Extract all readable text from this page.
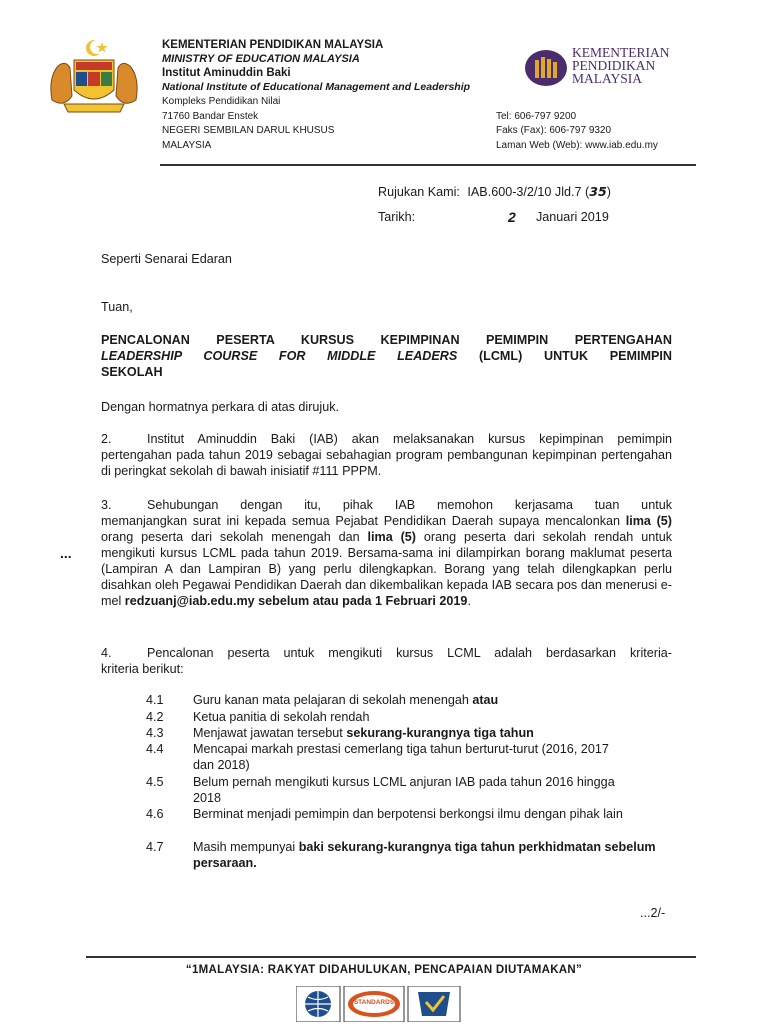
KEMENTERIAN PENDIDIKAN MALAYSIA
MINISTRY OF EDUCATION MALAYSIA
Institut Aminuddin Baki
National Institute of Educational Management and Leadership
Kompleks Pendidikan Nilai
71760 Bandar Enstek
NEGERI SEMBILAN DARUL KHUSUS
MALAYSIA
Tel: 606-797 9200
Faks (Fax): 606-797 9320
Laman Web (Web): www.iab.edu.my
KEMENTERIAN
PENDIDIKAN
MALAYSIA
Rujukan Kami: IAB.600-3/2/10 Jld.7 (35)
Tarikh:	2 Januari 2019
Seperti Senarai Edaran
Tuan,
PENCALONAN PESERTA KURSUS KEPIMPINAN PEMIMPIN PERTENGAHAN
LEADERSHIP COURSE FOR MIDDLE LEADERS (LCML) UNTUK PEMIMPIN
SEKOLAH
Dengan hormatnya perkara di atas dirujuk.
2.	Institut Aminuddin Baki (IAB) akan melaksanakan kursus kepimpinan pemimpin
pertengahan pada tahun 2019 sebagai sebahagian program pembangunan kepimpinan pertengahan di peringkat sekolah di bawah inisiatif #111 PPPM.
3.	Sehubungan dengan itu, pihak IAB memohon kerjasama tuan untuk
memanjangkan surat ini kepada semua Pejabat Pendidikan Daerah supaya mencalonkan lima (5) orang peserta dari sekolah menengah dan lima (5) orang peserta dari sekolah rendah untuk mengikuti kursus LCML pada tahun 2019. Bersama-sama ini dilampirkan borang maklumat peserta (Lampiran A dan Lampiran B) yang perlu dilengkapkan. Borang yang telah dilengkapkan perlu disahkan oleh Pegawai Pendidikan Daerah dan dikembalikan kepada IAB secara pos dan menerusi e-mel redzuanj@iab.edu.my sebelum atau pada 1 Februari 2019.
...
4.	Pencalonan peserta untuk mengikuti kursus LCML adalah berdasarkan kriteria-
kriteria berikut:
4.1	Guru kanan mata pelajaran di sekolah menengah atau
4.2	Ketua panitia di sekolah rendah
4.3	Menjawat jawatan tersebut sekurang-kurangnya tiga tahun
4.4	Mencapai markah prestasi cemerlang tiga tahun berturut-turut (2016, 2017 dan 2018)
4.5	Belum pernah mengikuti kursus LCML anjuran IAB pada tahun 2016 hingga 2018
4.6	Berminat menjadi pemimpin dan berpotensi berkongsi ilmu dengan pihak lain
4.7	Masih mempunyai baki sekurang-kurangnya tiga tahun perkhidmatan sebelum persaraan.
...2/-
“1MALAYSIA: RAKYAT DIDAHULUKAN, PENCAPAIAN DIUTAMAKAN”
STANDARDS
